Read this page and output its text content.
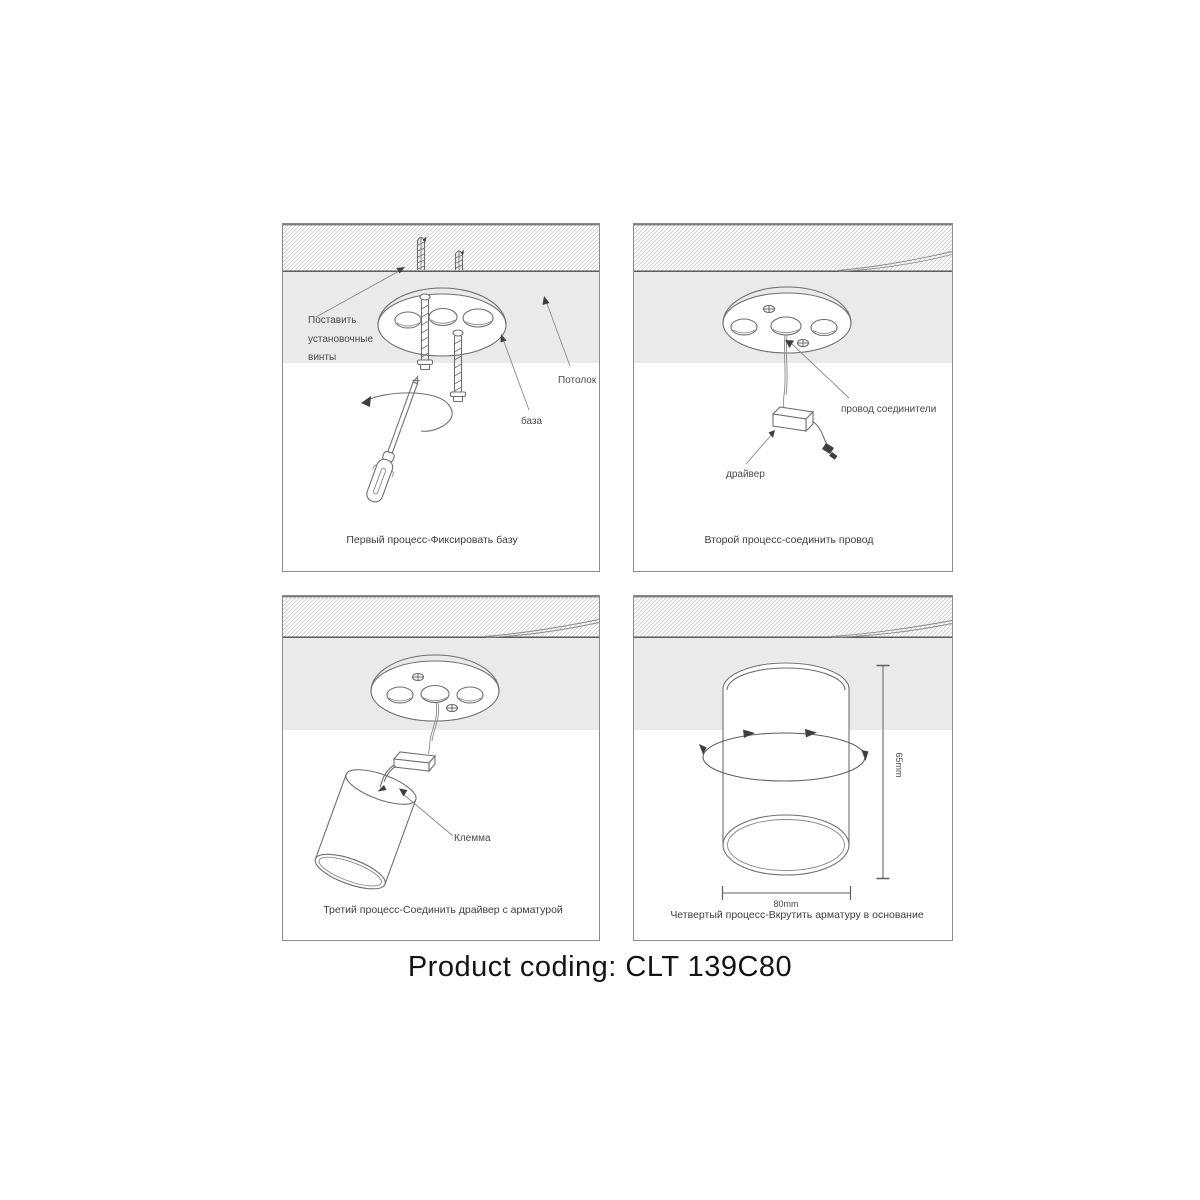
Поставить
установочные
винты
Потолок
база
Первый процесс-Фиксировать базу
провод соединители
драйвер
Второй процесс-соединить провод
Клемма
Третий процесс-Соединить драйвер с арматурой
65mm
80mm
Четвертый процесс-Вкрутить арматуру в основание
Product coding: CLT 139C80
